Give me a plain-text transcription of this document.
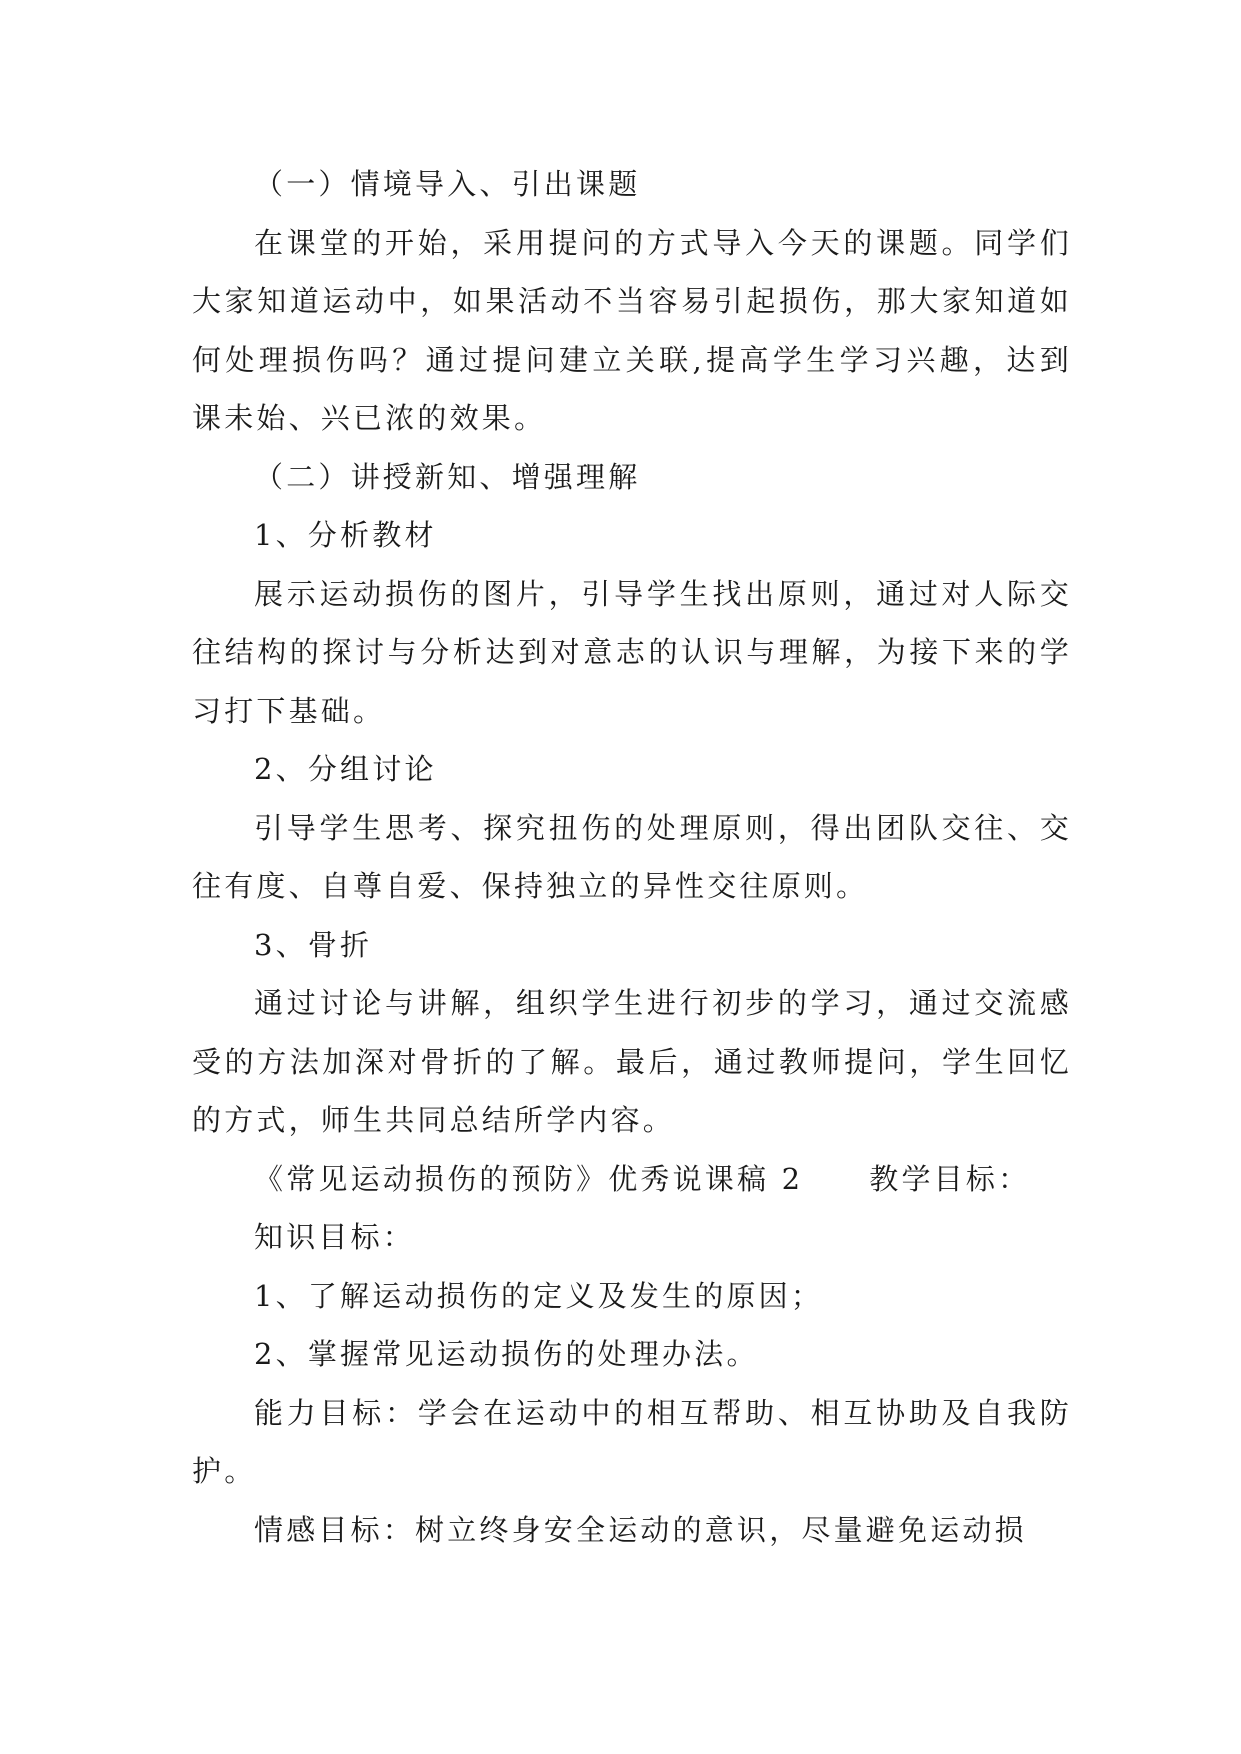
（一）情境导入、引出课题

在课堂的开始，采用提问的方式导入今天的课题。同学们大家知道运动中，如果活动不当容易引起损伤，那大家知道如何处理损伤吗？通过提问建立关联,提高学生学习兴趣，达到课未始、兴已浓的效果。

（二）讲授新知、增强理解

1、分析教材

展示运动损伤的图片，引导学生找出原则，通过对人际交往结构的探讨与分析达到对意志的认识与理解，为接下来的学习打下基础。

2、分组讨论

引导学生思考、探究扭伤的处理原则，得出团队交往、交往有度、自尊自爱、保持独立的异性交往原则。

3、骨折

通过讨论与讲解，组织学生进行初步的学习，通过交流感受的方法加深对骨折的了解。最后，通过教师提问，学生回忆的方式，师生共同总结所学内容。

《常见运动损伤的预防》优秀说课稿 2 教学目标：

知识目标：

1、了解运动损伤的定义及发生的原因；

2、掌握常见运动损伤的处理办法。

能力目标：学会在运动中的相互帮助、相互协助及自我防护。

情感目标：树立终身安全运动的意识，尽量避免运动损
